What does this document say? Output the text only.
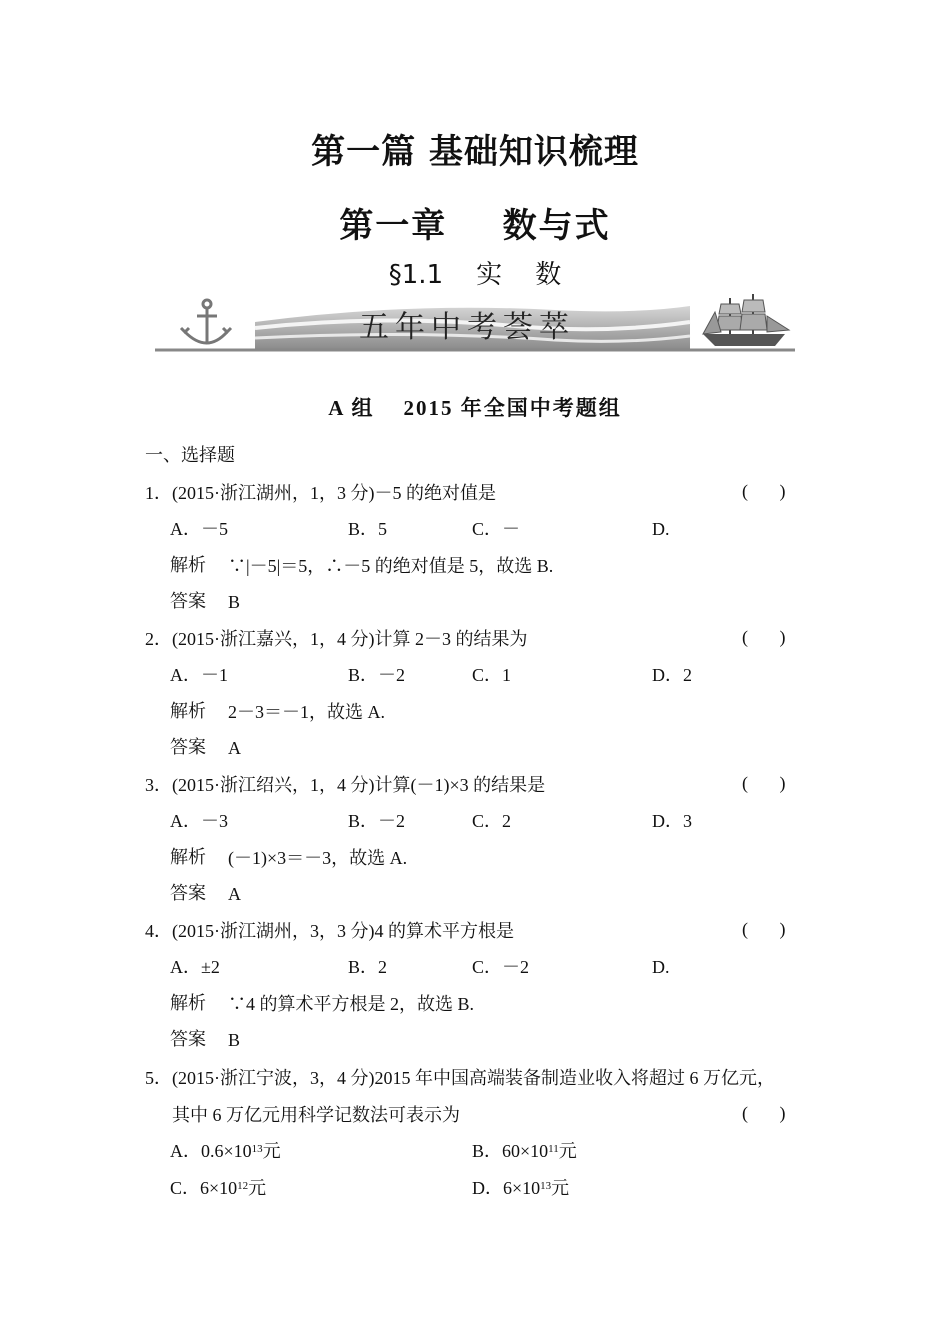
第一篇 基础知识梳理
第一章    数与式
§1.1    实    数
五年中考荟萃
A 组    2015 年全国中考题组
一、选择题
1．(2015·浙江湖州，1，3 分)－5 的绝对值是	(       )
A．－5	B．5	C．－	D.
解析 ∵|－5|＝5，∴－5 的绝对值是 5，故选 B.
答案 B
2．(2015·浙江嘉兴，1，4 分)计算 2－3 的结果为	(       )
A．－1	B．－2	C．1	D．2
解析 2－3＝－1，故选 A.
答案 A
3．(2015·浙江绍兴，1，4 分)计算(－1)×3 的结果是	(       )
A．－3	B．－2	C．2	D．3
解析 (－1)×3＝－3，故选 A.
答案 A
4．(2015·浙江湖州，3，3 分)4 的算术平方根是	(       )
A．±2	B．2	C．－2	D.
解析 ∵4 的算术平方根是 2，故选 B.
答案 B
5．(2015·浙江宁波，3，4 分)2015 年中国高端装备制造业收入将超过 6 万亿元，
其中 6 万亿元用科学记数法可表示为	(       )
A．$0.6\times 10^{13}$元	B．$60\times 10^{11}$元
C．$6\times 10^{12}$元	D．$6\times 10^{13}$元
